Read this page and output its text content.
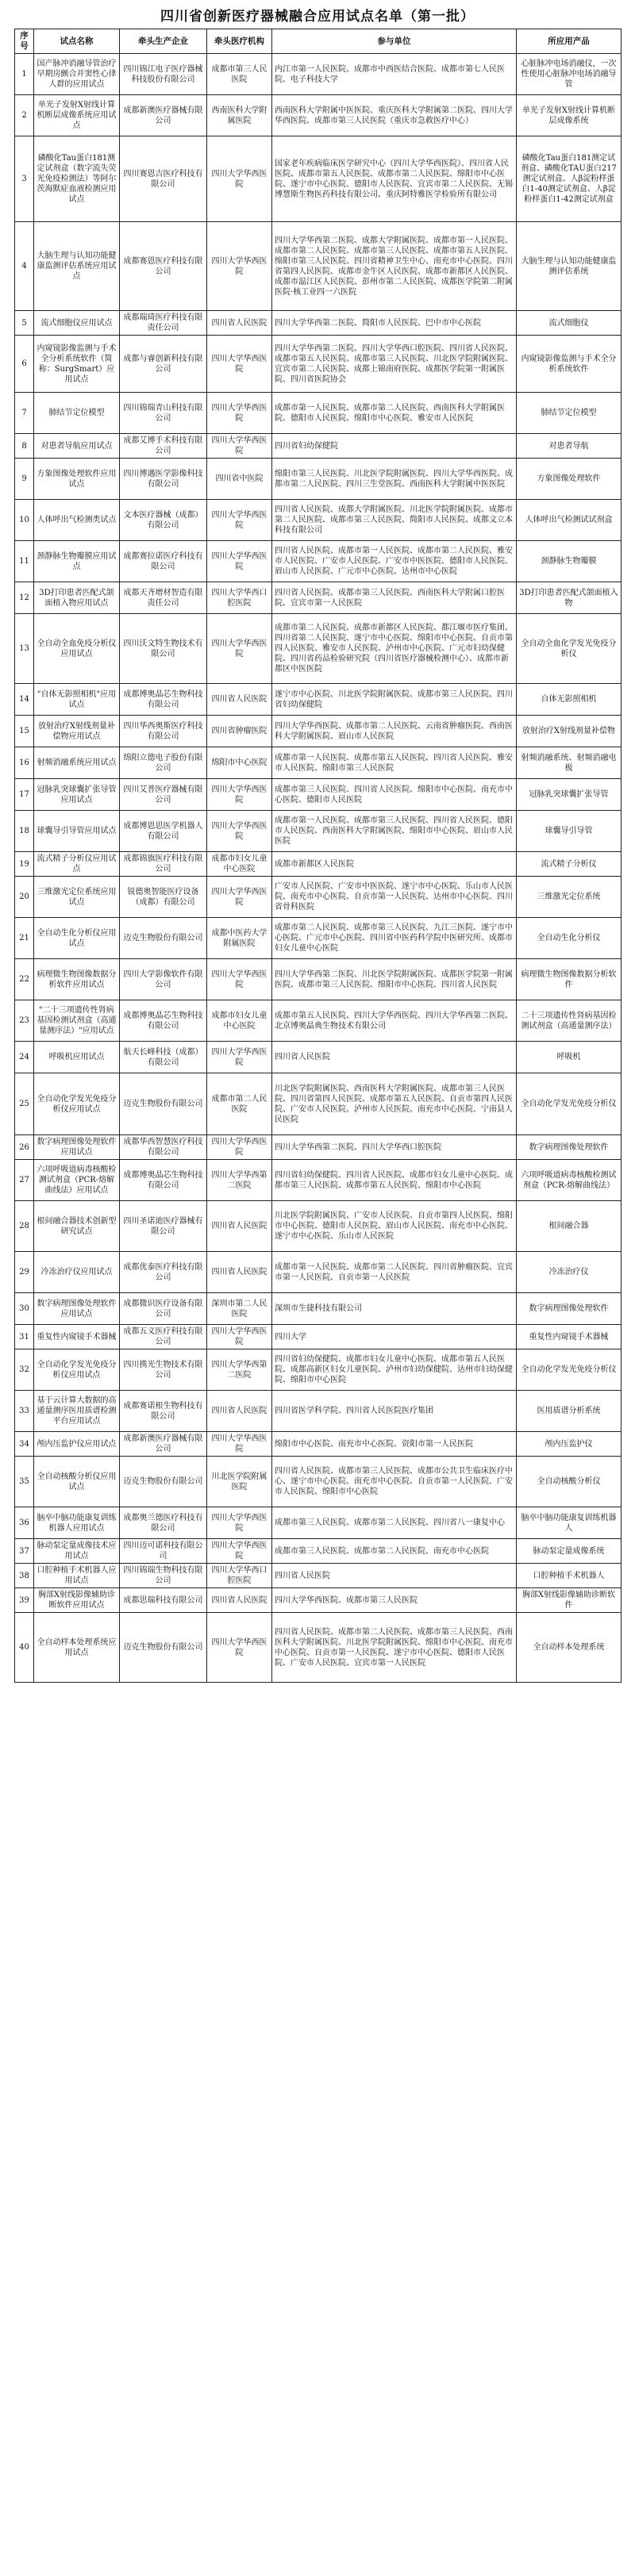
四川省创新医疗器械融合应用试点名单（第一批）
序号	试点名称	牵头生产企业	牵头医疗机构	参与单位	所应用产品
1	国产脉冲消融导管治疗早期房颤合并窦性心律人群的应用试点	四川锦江电子医疗器械科技股份有限公司	成都市第三人民医院	内江市第一人民医院、成都市中西医结合医院、成都市第七人民医院、电子科技大学	心脏脉冲电场消融仪，一次性使用心脏脉冲电场消融导管
2	单光子发射X射线计算机断层成像系统应用试点	成都新澳医疗器械有限公司	西南医科大学附属医院	西南医科大学附属中医医院、重庆医科大学附属第二医院、四川大学华西医院、成都市第三人民医院（重庆市急救医疗中心）	单光子发射X射线计算机断层成像系统
3	磷酸化Tau蛋白181测定试剂盒（数字流失荧光免疫检测法）等阿尔茨海默症血液检测应用试点	四川赛恩吉医疗科技有限公司	四川大学华西医院	国家老年疾病临床医学研究中心（四川大学华西医院）、四川省人民医院、成都市第五人民医院、成都市第二人民医院、绵阳市中心医院、遂宁市中心医院、德阳市人民医院、宜宾市第二人民医院、无锡博慧斯生物医药科技有限公司、重庆阿特雅医学检验所有限公司	磷酸化Tau蛋白181测定试剂盒、磷酸化TAU蛋白217测定试剂盒、人β淀粉样蛋白1-40测定试剂盒、人β淀粉样蛋白1-42测定试剂盒
4	大脑生理与认知功能健康监测评估系统应用试点	成都赛恩医疗科技有限公司	四川大学华西医院	四川大学华西第二医院、成都大学附属医院、成都市第一人民医院、成都市第二人民医院、成都市第三人民医院、成都市第五人民医院、绵阳市第三人民医院、四川省精神卫生中心、南充市中心医院、四川省第四人民医院、成都市金牛区人民医院、成都市新都区人民医院、成都市温江区人民医院、彭州市第二人民医院、成都医学院第二附属医院·核工业四一六医院	大脑生理与认知功能健康监测评估系统
5	流式细胞仪应用试点	成都瑞琦医疗科技有限责任公司	四川省人民医院	四川大学华西第二医院、简阳市人民医院、巴中市中心医院	流式细胞仪
6	内窥镜影像监测与手术全分析系统软件（简称：SurgSmart）应用试点	成都与睿创新科技有限公司	四川大学华西医院	四川大学华西第二医院、四川大学华西口腔医院、四川省人民医院、成都市第五人民医院、成都市第三人民医院、川北医学院附属医院、宜宾市第二人民医院、成都上锦南府医院、成都医学院第一附属医院、四川省医院协会	内窥镜影像监测与手术全分析系统软件
7	肺结节定位模型	四川锦瑞青山科技有限公司	四川大学华西医院	成都市第一人民医院、成都市第二人民医院、西南医科大学附属医院、德阳市人民医院、绵阳市中心医院、雅安市人民医院	肺结节定位模型
8	对患者导航应用试点	成都艾博手术科技有限公司	四川大学华西医院	四川省妇幼保健院	对患者导航
9	方象图像处理软件应用试点	四川博遇医学影像科技有限公司	四川省中医院	绵阳市第三人民医院、川北医学院附属医院、四川大学华西医院、成都市第二人民医院、四川三生堂医院、西南医科大学附属中医医院	方象图像处理软件
10	人体呼出气检测类试点	文本医疗器械（成都）有限公司	四川大学华西医院	四川省人民医院、成都大学附属医院、川北医学院附属医院、成都市第二人民医院、成都市第三人民医院、简阳市人民医院、成都文立本科技有限公司	人体呼出气检测试试剂盒
11	颈静脉生物瓣膜应用试点	成都赛拉诺医疗科技有限公司	四川大学华西医院	四川省人民医院、成都市第一人民医院、成都市第二人民医院、雅安市人民医院、广安市人民医院、广安市中医医院、德阳市人民医院、眉山市人民医院、广元市中心医院、达州市中心医院	颈静脉生物瓣膜
12	3D打印患者匹配式颌面植入物应用试点	成都天齐增材智造有限责任公司	四川大学华西口腔医院	四川省人民医院、成都市第三人民医院、西南医科大学附属口腔医院、宜宾市第一人民医院	3D打印患者匹配式颌面植入物
13	全自动全血免疫分析仪应用试点	四川沃文特生物技术有限公司	四川大学华西医院	成都市第二人民医院、成都市新都区人民医院、都江堰市医疗集团、四川省第二人民医院、遂宁市中心医院、绵阳市中心医院、自贡市第四人民医院、雅安市人民医院、泸州市中心医院、广元市妇幼保健院、四川省药品检验研究院（四川省医疗器械检测中心）、成都市新都区中医医院	全自动全血化学发光免疫分析仪
14	"自体无影照相机"应用试点	成都博奥晶芯生物科技有限公司	四川省人民医院	遂宁市中心医院、川北医学院附属医院、成都市第三人民医院、四川省妇幼保健院	自体无影照相机
15	放射治疗X射线剂量补偿物应用试点	四川华西奥斯医疗科技有限公司	四川省肿瘤医院	四川大学华西医院、成都市第二人民医院、云南省肿瘤医院、西南医科大学附属医院、眉山市人民医院	放射治疗X射线剂量补偿物
16	射频消融系统应用试点	绵阳立德电子股份有限公司	绵阳市中心医院	成都市第一人民医院、成都市第五人民医院、四川省人民医院、雅安市人民医院、绵阳市第三人民医院	射频消融系统、射频消融电极
17	冠脉乳突球囊扩张导管应用试点	四川艾普医疗器械有限公司	四川大学华西医院	成都市第三人民医院、四川省人民医院、绵阳市中心医院、南充市中心医院、德阳市人民医院	冠脉乳突球囊扩张导管
18	球囊导引导管应用试点	成都博恩思医学机器人有限公司	四川大学华西医院	成都市第一人民医院、成都市第三人民医院、四川省人民医院、德阳市人民医院、西南医科大学附属医院、绵阳市中心医院、眉山市人民医院	球囊导引导管
19	流式精子分析仪应用试点	成都锦旗医疗科技有限公司	成都市妇女儿童中心医院	成都市新都区人民医院	流式精子分析仪
20	三维激光定位系统应用试点	锐德奥智能医疗设备（成都）有限公司	四川大学华西医院	广安市人民医院、广安市中医医院、遂宁市中心医院、乐山市人民医院、南充市中心医院、自贡市第一人民医院、达州市中心医院、四川省骨科医院	三维激光定位系统
21	全自动生化分析仪应用试点	迈克生物股份有限公司	成都中医药大学附属医院	成都市第二人民医院、成都市第三人民医院、九江三医院、遂宁市中心医院、广元市中心医院、四川省中医药科学院中医研究所、成都市妇女儿童中心医院	全自动生化分析仪
22	病理微生物图像数据分析软件应用试点	四川大学影像软件有限公司	四川大学华西医院	四川大学华西第二医院、川北医学院附属医院、成都医学院第一附属医院、成都市第三人民医院、绵阳市中心医院、四川省人民医院	病理微生物图像数据分析软件
23	"二十三项遗传性肾病基因检测试剂盒（高通量测序法）"应用试点	成都博奥晶芯生物科技有限公司	成都市妇女儿童中心医院	成都市第五人民医院、四川大学华西医院、四川大学华西第二医院、北京博奥晶典生物技术有限公司	二十三项遗传性肾病基因检测试剂盒（高通量测序法）
24	呼吸机应用试点	航天长峰科技（成都）有限公司	四川大学华西医院	四川省人民医院	呼吸机
25	全自动化学发光免疫分析仪应用试点	迈克生物股份有限公司	成都市第二人民医院	川北医学院附属医院、西南医科大学附属医院、成都市第三人民医院、四川省第四人民医院、成都市第五人民医院、自贡市第四人民医院、广安市人民医院、泸州市人民医院、南充市中心医院、宁南县人民医院	全自动化学发光免疫分析仪
26	数字病理图像处理软件应用试点	成都华西智慧医疗科技有限公司	四川大学华西医院	四川大学华西第二医院、四川大学华西口腔医院	数字病理图像处理软件
27	六项呼吸道病毒核酸检测试剂盒（PCR-熔解曲线法）应用试点	成都博奥晶芯生物科技有限公司	四川大学华西第二医院	四川省妇幼保健院、四川省人民医院、成都市妇女儿童中心医院、成都市第三人民医院、成都市第五人民医院、绵阳市中心医院	六项呼吸道病毒核酸检测试剂盒（PCR-熔解曲线法）
28	根间融合器技术创新型研究试点	四川圣诺迪医疗器械有限公司	四川省人民医院	川北医学院附属医院、广安市人民医院、自贡市第四人民医院、绵阳市中心医院、德阳市人民医院、眉山市人民医院、南充市中心医院、遂宁市中心医院、乐山市人民医院	根间融合器
29	冷冻治疗仪应用试点	成都优泰医疗科技有限公司	四川省人民医院	成都市第一人民医院、成都市第二人民医院、四川省肿瘤医院、宜宾市第一人民医院、自贡市第一人民医院	冷冻治疗仪
30	数字病理图像处理软件应用试点	成都微识医疗设备有限公司	深圳市第二人民医院	深圳市生捷科技有限公司	数字病理图像处理软件
31	重复性内窥镜手术器械	成都五义医疗科技有限公司	四川大学华西医院	四川大学	重复性内窥镜手术器械
32	全自动化学发光免疫分析仪应用试点	四川携光生物技术有限公司	四川大学华西第二医院	四川省妇幼保健院、成都市妇女儿童中心医院、成都市第五人民医院、成都高新区妇女儿童医院、泸州市妇幼保健院、达州市妇幼保健院、绵阳市中心医院	全自动化学发光免疫分析仪
33	基于云计算大数据的高通量测序医用质谱检测平台应用试点	成都赛诺根生物科技有限公司	四川省人民医院	四川省医学科学院、四川省人民医院医疗集团	医用质谱分析系统
34	颅内压监护仪应用试点	成都新澳医疗器械有限公司	四川大学华西医院	绵阳市中心医院、南充市中心医院、资阳市第一人民医院	颅内压监护仪
35	全自动核酸分析仪应用试点	迈克生物股份有限公司	川北医学院附属医院	四川省人民医院、成都市第三人民医院、成都市公共卫生临床医疗中心、遂宁市中心医院、南充市中心医院、自贡市第一人民医院、广安市人民医院、绵阳市中心医院	全自动核酸分析仪
36	脑卒中脑功能康复训练机器人应用试点	成都奥兰德医疗科技有限公司	四川大学华西医院	成都市第三人民医院、成都市第二人民医院、四川省八一康复中心	脑卒中脑功能康复训练机器人
37	脉动泵定量成像技术应用试点	四川迈可诺科技有限公司	四川大学华西医院	成都市第三人民医院、成都市第二人民医院、南充市中心医院	脉动泵定量成像系统
38	口腔种植手术机器人应用试点	四川锦瑞生物科技有限公司	四川大学华西口腔医院	四川省人民医院	口腔种植手术机器人
39	胸部X射线影像辅助诊断软件应用试点	成都思瑞科技有限公司	四川省人民医院	四川大学华西医院、成都市第三人民医院	胸部X射线影像辅助诊断软件
40	全自动样本处理系统应用试点	迈克生物股份有限公司	四川大学华西医院	四川省人民医院、成都市第二人民医院、成都市第三人民医院、西南医科大学附属医院、川北医学院附属医院、绵阳市中心医院、南充市中心医院、自贡市第一人民医院、遂宁市中心医院、德阳市人民医院、广安市人民医院、宜宾市第一人民医院	全自动样本处理系统
